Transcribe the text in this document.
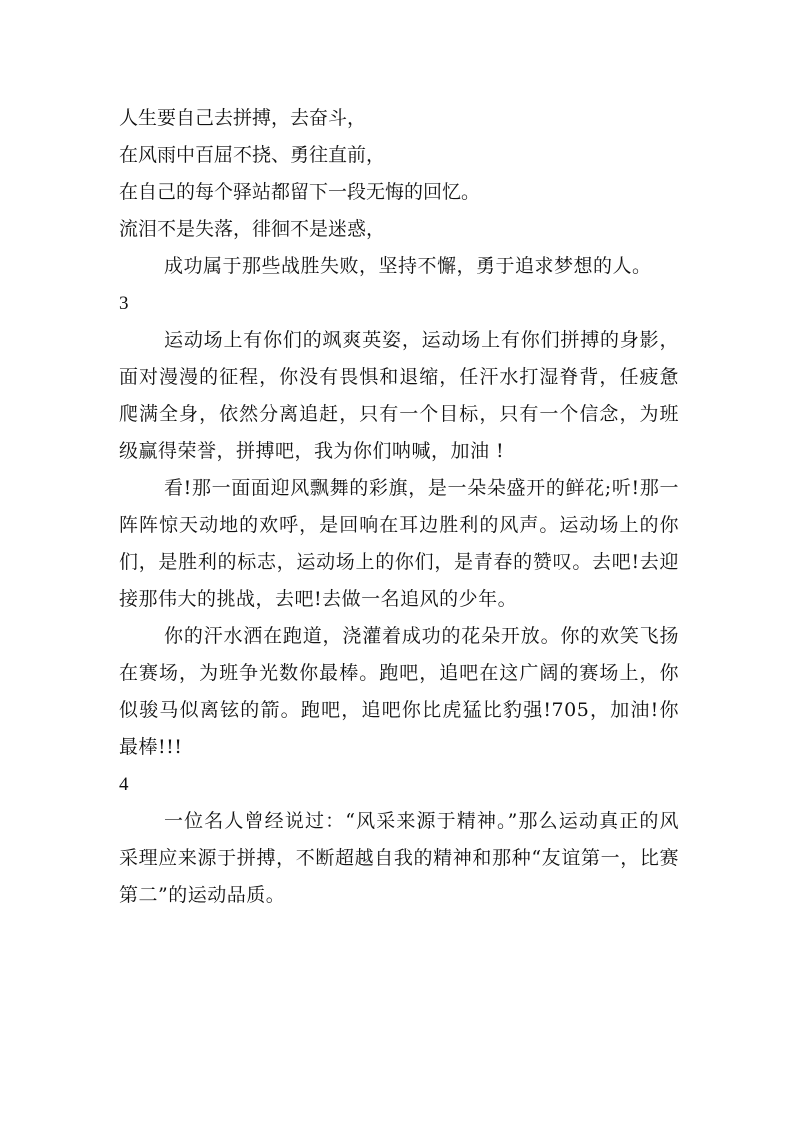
人生要自己去拼搏，去奋斗，
在风雨中百屈不挠、勇往直前，
在自己的每个驿站都留下一段无悔的回忆。
流泪不是失落，徘徊不是迷惑，
成功属于那些战胜失败，坚持不懈，勇于追求梦想的人。
3
运动场上有你们的飒爽英姿，运动场上有你们拼搏的身影，面对漫漫的征程，你没有畏惧和退缩，任汗水打湿脊背，任疲惫爬满全身，依然分离追赶，只有一个目标，只有一个信念，为班级赢得荣誉，拼搏吧，我为你们呐喊，加油 !
看!那一面面迎风飘舞的彩旗，是一朵朵盛开的鲜花;听!那一阵阵惊天动地的欢呼，是回响在耳边胜利的风声。运动场上的你们，是胜利的标志，运动场上的你们，是青春的赞叹。去吧!去迎接那伟大的挑战，去吧!去做一名追风的少年。
你的汗水洒在跑道，浇灌着成功的花朵开放。你的欢笑飞扬在赛场，为班争光数你最棒。跑吧，追吧在这广阔的赛场上，你似骏马似离铉的箭。跑吧，追吧你比虎猛比豹强!705，加油!你最棒!!!
4
一位名人曾经说过：“风采来源于精神。”那么运动真正的风采理应来源于拼搏，不断超越自我的精神和那种“友谊第一，比赛第二”的运动品质。
